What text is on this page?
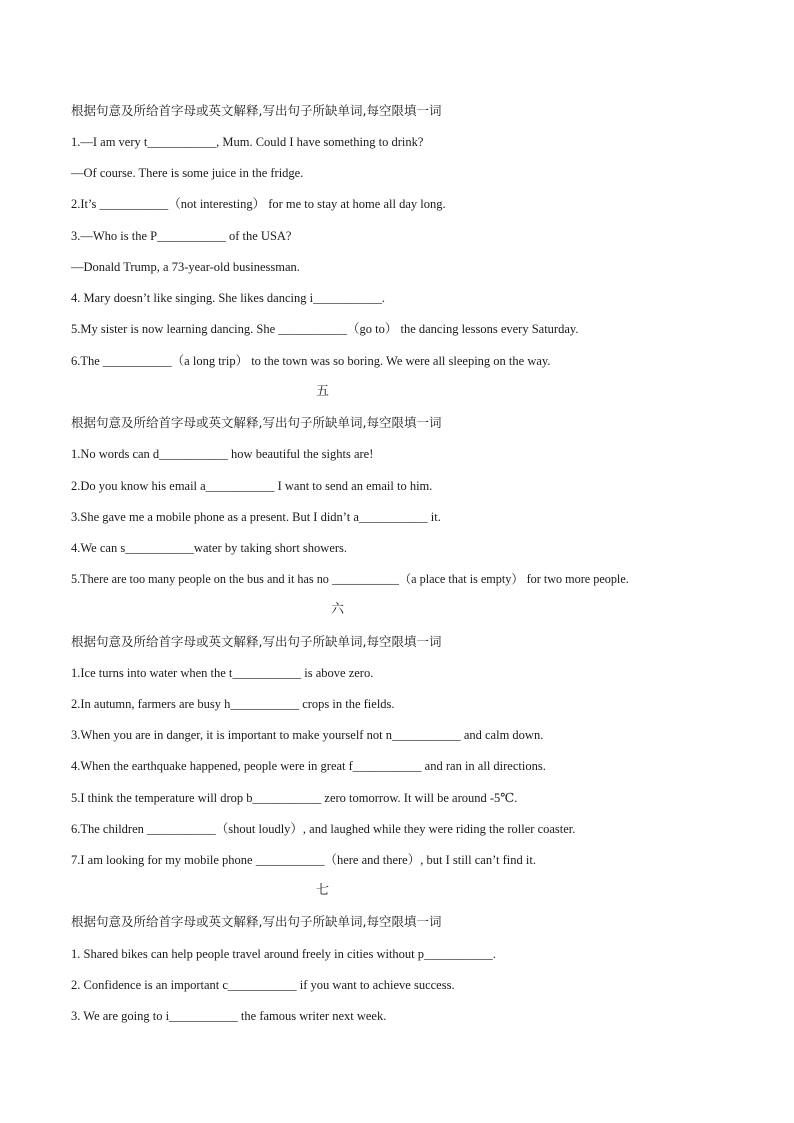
根据句意及所给首字母或英文解释,写出句子所缺单词,每空限填一词
1.—I am very t___________, Mum. Could I have something to drink?
—Of course. There is some juice in the fridge.
2.It’s ___________（not interesting） for me to stay at home all day long.
3.—Who is the P___________ of the USA?
—Donald Trump, a 73-year-old businessman.
4. Mary doesn’t like singing. She likes dancing i___________.
5.My sister is now learning dancing. She ___________（go to） the dancing lessons every Saturday.
6.The ___________（a long trip） to the town was so boring. We were all sleeping on the way.
五
根据句意及所给首字母或英文解释,写出句子所缺单词,每空限填一词
1.No words can d___________ how beautiful the sights are!
2.Do you know his email a___________ I want to send an email to him.
3.She gave me a mobile phone as a present. But I didn’t a___________ it.
4.We can s___________water by taking short showers.
5.There are too many people on the bus and it has no ___________（a place that is empty） for two more people.
六
根据句意及所给首字母或英文解释,写出句子所缺单词,每空限填一词
1.Ice turns into water when the t___________ is above zero.
2.In autumn, farmers are busy h___________ crops in the fields.
3.When you are in danger, it is important to make yourself not n___________ and calm down.
4.When the earthquake happened, people were in great f___________ and ran in all directions.
5.I think the temperature will drop b___________ zero tomorrow. It will be around -5℃.
6.The children ___________（shout loudly）, and laughed while they were riding the roller coaster.
7.I am looking for my mobile phone ___________（here and there）, but I still can’t find it.
七
根据句意及所给首字母或英文解释,写出句子所缺单词,每空限填一词
1. Shared bikes can help people travel around freely in cities without p___________.
2. Confidence is an important c___________ if you want to achieve success.
3. We are going to i___________ the famous writer next week.
